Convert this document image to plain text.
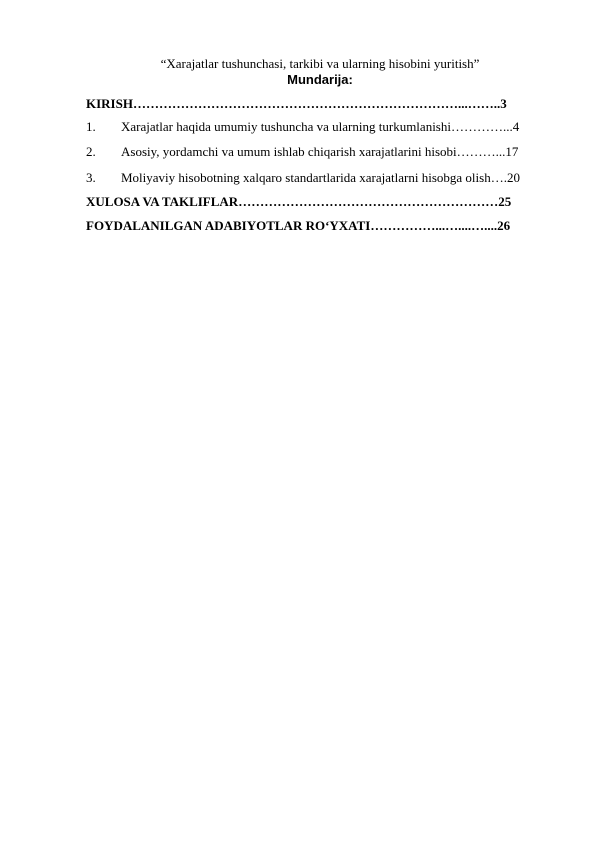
“Xarajatlar tushunchasi, tarkibi va ularning hisobini yuritish”
Mundarija:
KIRISH…………………………………………………………………...……..3
1. Xarajatlar haqida umumiy tushuncha va ularning turkumlanishi…………...4
2. Asosiy, yordamchi va umum ishlab chiqarish xarajatlarini hisobi………...17
3. Moliyaviy hisobotning xalqaro standartlarida xarajatlarni hisobga olish….20
XULOSA VA TAKLIFLAR……………………………………………………25
FOYDALANILGAN ADABIYOTLAR RO‘YXATI……………...…....…....26
